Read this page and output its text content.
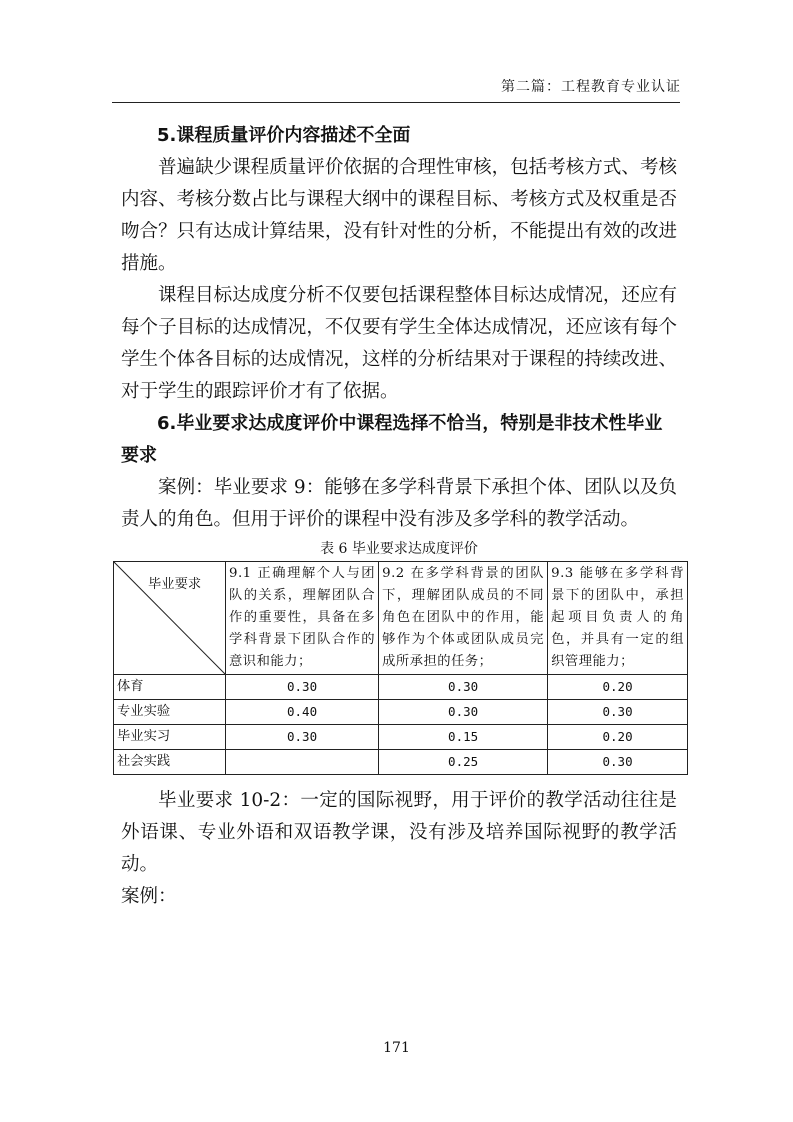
第二篇：工程教育专业认证

5.课程质量评价内容描述不全面

普遍缺少课程质量评价依据的合理性审核，包括考核方式、考核内容、考核分数占比与课程大纲中的课程目标、考核方式及权重是否吻合？只有达成计算结果，没有针对性的分析，不能提出有效的改进措施。

课程目标达成度分析不仅要包括课程整体目标达成情况，还应有每个子目标的达成情况，不仅要有学生全体达成情况，还应该有每个学生个体各目标的达成情况，这样的分析结果对于课程的持续改进、对于学生的跟踪评价才有了依据。

6.毕业要求达成度评价中课程选择不恰当，特别是非技术性毕业要求

案例：毕业要求 9：能够在多学科背景下承担个体、团队以及负责人的角色。但用于评价的课程中没有涉及多学科的教学活动。

表 6 毕业要求达成度评价
毕业要求	9.1 正确理解个人与团队的关系，理解团队合作的重要性，具备在多学科背景下团队合作的意识和能力；	9.2 在多学科背景的团队下，理解团队成员的不同角色在团队中的作用，能够作为个体或团队成员完成所承担的任务；	9.3 能够在多学科背景下的团队中，承担起项目负责人的角色，并具有一定的组织管理能力；
体育	0.30	0.30	0.20
专业实验	0.40	0.30	0.30
毕业实习	0.30	0.15	0.20
社会实践		0.25	0.30

毕业要求 10-2：一定的国际视野，用于评价的教学活动往往是外语课、专业外语和双语教学课，没有涉及培养国际视野的教学活动。

案例：

171
